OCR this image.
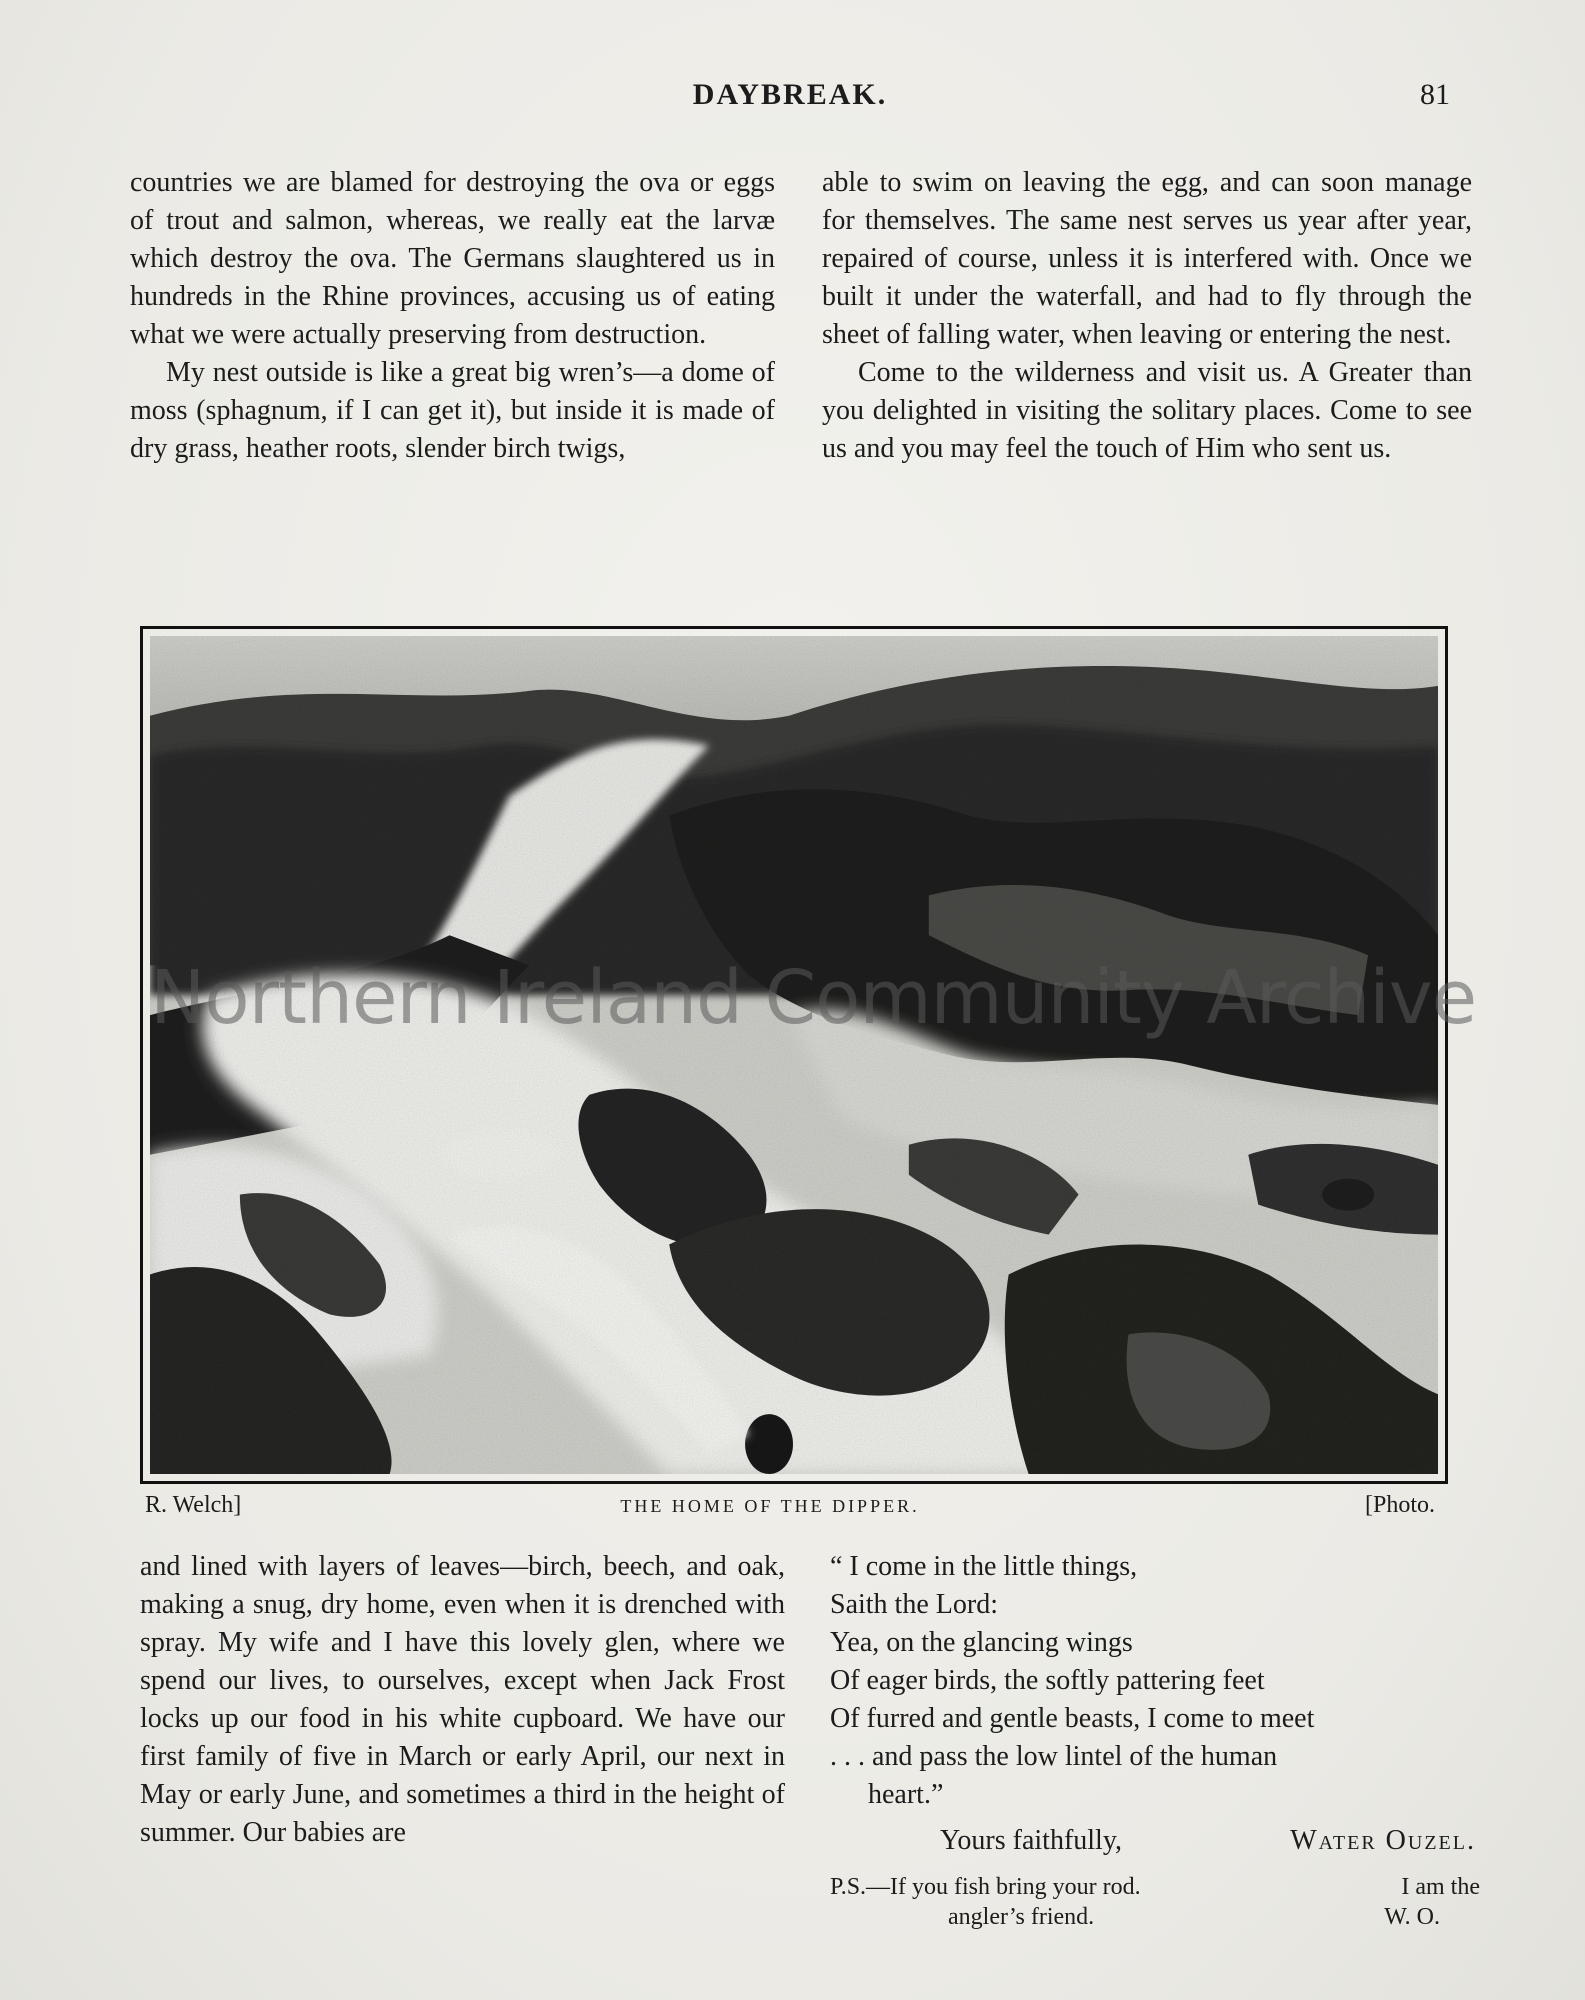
DAYBREAK.	81

countries we are blamed for destroying the ova or eggs of trout and salmon, whereas, we really eat the larvæ which destroy the ova. The Germans slaughtered us in hundreds in the Rhine provinces, accusing us of eating what we were actually preserving from destruction.

My nest outside is like a great big wren’s—a dome of moss (sphagnum, if I can get it), but inside it is made of dry grass, heather roots, slender birch twigs,

able to swim on leaving the egg, and can soon manage for themselves. The same nest serves us year after year, repaired of course, unless it is interfered with. Once we built it under the waterfall, and had to fly through the sheet of falling water, when leaving or entering the nest.

Come to the wilderness and visit us. A Greater than you delighted in visiting the solitary places. Come to see us and you may feel the touch of Him who sent us.

Northern Ireland Community Archive
R. Welch]	THE HOME OF THE DIPPER.	[Photo.

and lined with layers of leaves—birch, beech, and oak, making a snug, dry home, even when it is drenched with spray. My wife and I have this lovely glen, where we spend our lives, to ourselves, except when Jack Frost locks up our food in his white cupboard. We have our first family of five in March or early April, our next in May or early June, and sometimes a third in the height of summer. Our babies are

“ I come in the little things,
Saith the Lord:
Yea, on the glancing wings
Of eager birds, the softly pattering feet
Of furred and gentle beasts, I come to meet
. . . and pass the low lintel of the human
heart.”
Yours faithfully,	Water Ouzel.
P.S.—If you fish bring your rod.	I am the
angler’s friend.	W. O.
